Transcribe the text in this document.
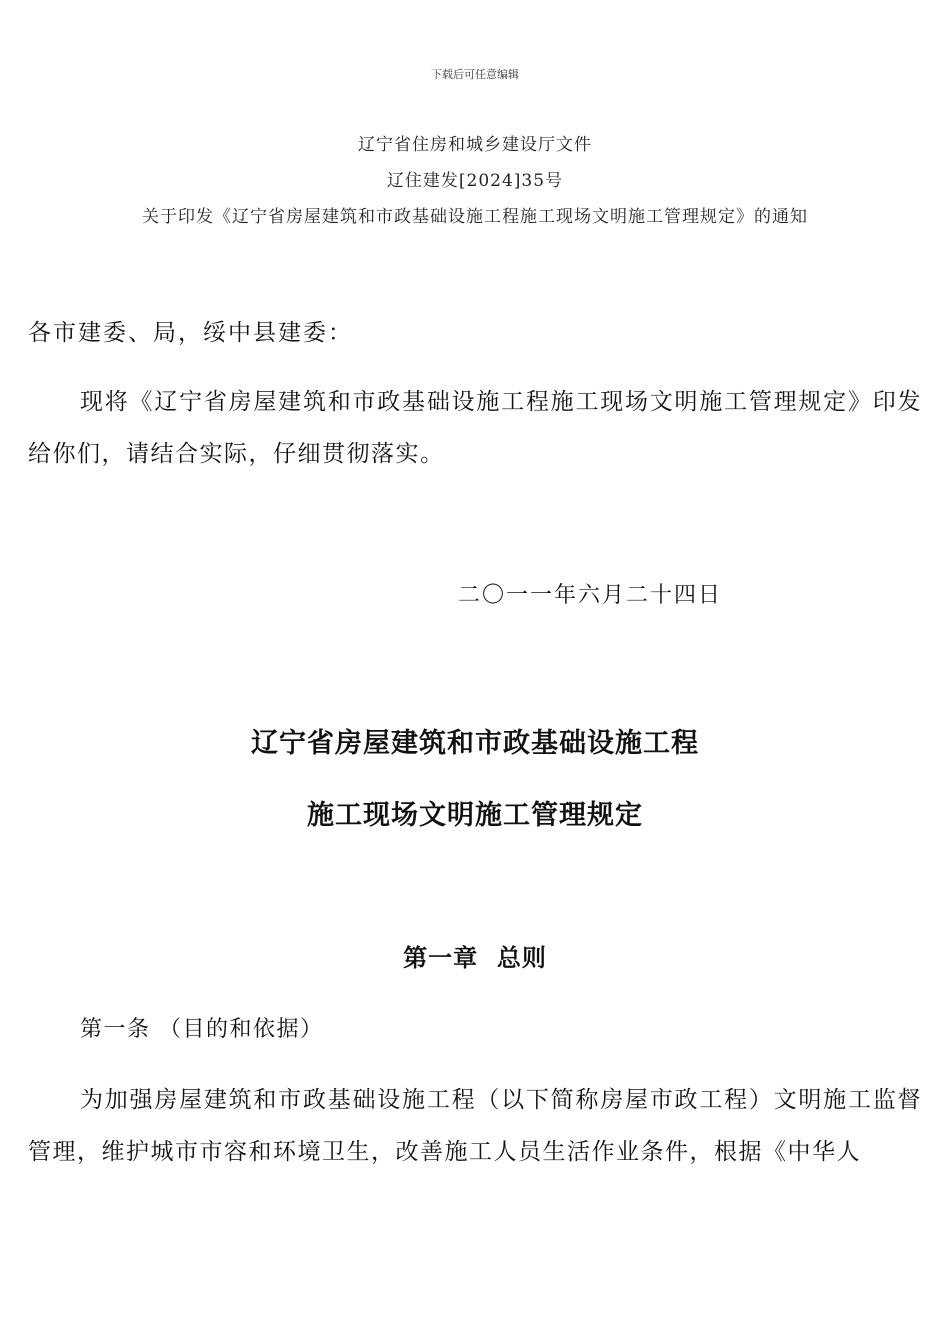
下载后可任意编辑
辽宁省住房和城乡建设厅文件
辽住建发[2024]35号
关于印发《辽宁省房屋建筑和市政基础设施工程施工现场文明施工管理规定》的通知
各市建委、局，绥中县建委：
现将《辽宁省房屋建筑和市政基础设施工程施工现场文明施工管理规定》印发给你们，请结合实际，仔细贯彻落实。
二〇一一年六月二十四日
辽宁省房屋建筑和市政基础设施工程
施工现场文明施工管理规定
第一章  总则
第一条 （目的和依据）
为加强房屋建筑和市政基础设施工程（以下简称房屋市政工程）文明施工监督管理，维护城市市容和环境卫生，改善施工人员生活作业条件，根据《中华人
